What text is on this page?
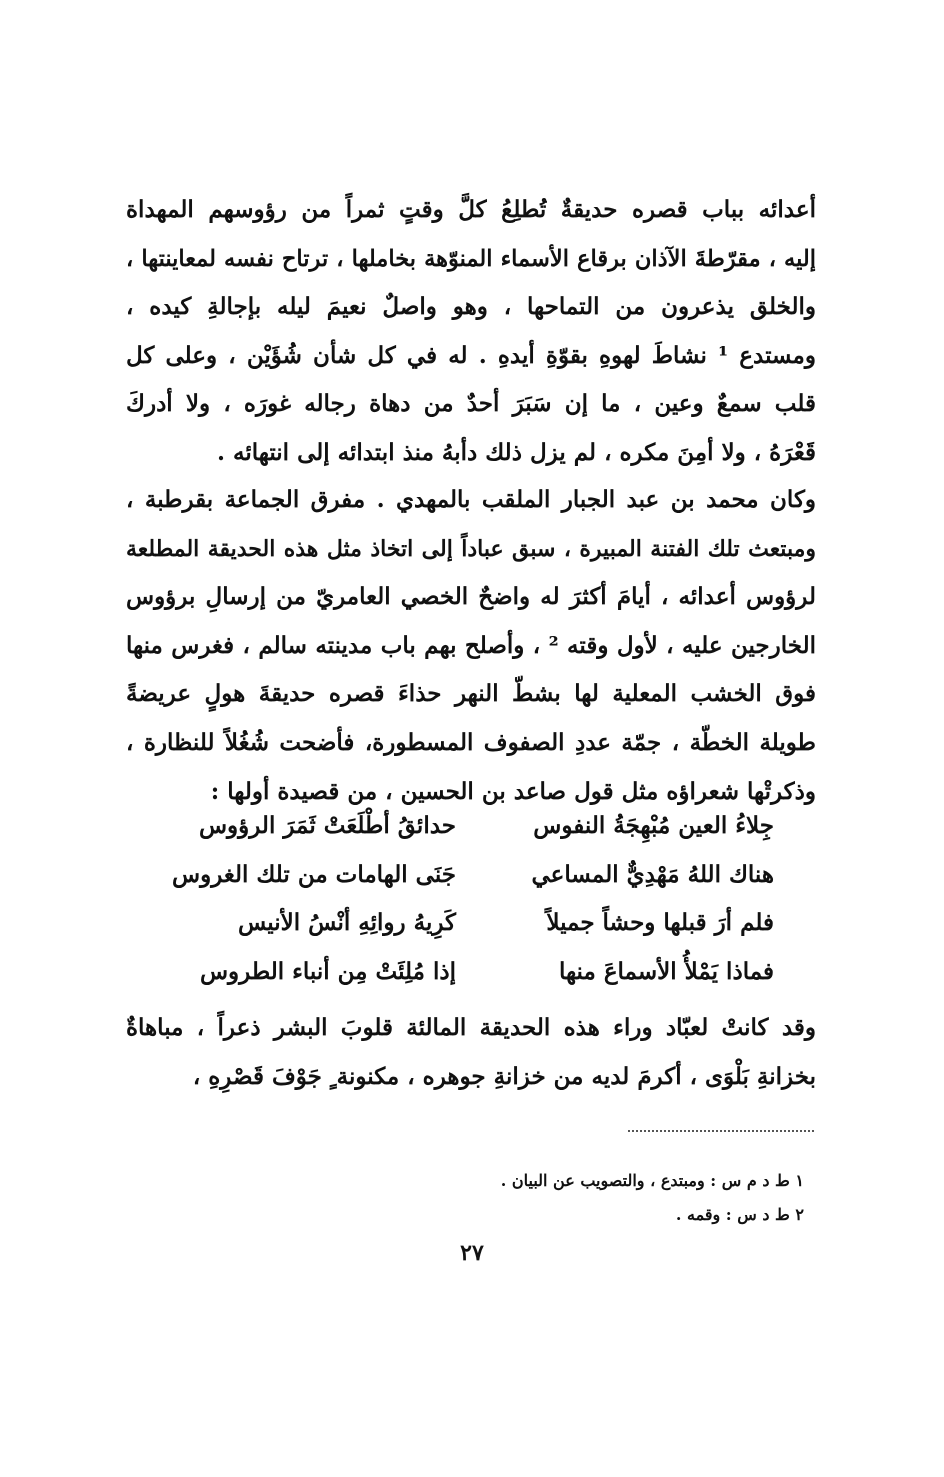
أعدائه بباب قصره حديقةٌ تُطلِعُ كلَّ وقتٍ ثمراً من رؤوسهم المهداة
إليه ، مقرّطةَ الآذان برقاع الأسماء المنوّهة بخاملها ، ترتاح نفسه لمعاينتها ،
والخلق يذعرون من التماحها ، وهو واصلٌ نعيمَ ليله بإجالةِ كيده ،
ومستدع ¹ نشاطَ لهوهِ بقوّةِ أيدهِ . له في كل شأن شُؤَيْن ، وعلى كل
قلب سمعٌ وعين ، ما إن سَبَرَ أحدٌ من دهاة رجاله غورَه ، ولا أدركَ
قَعْرَهُ ، ولا أمِنَ مكره ، لم يزل ذلك دأبهُ منذ ابتدائه إلى انتهائه .
وكان محمد بن عبد الجبار الملقب بالمهدي . مفرق الجماعة بقرطبة ،
ومبتعث تلك الفتنة المبيرة ، سبق عباداً إلى اتخاذ مثل هذه الحديقة المطلعة
لرؤوس أعدائه ، أيامَ أكثرَ له واضحٌ الخصي العامريّ من إرسالِ برؤوس
الخارجين عليه ، لأول وقته ² ، وأصلح بهم باب مدينته سالم ، فغرس منها
فوق الخشب المعلية لها بشطّ النهر حذاءَ قصره حديقةَ هولٍ عريضةً
طويلة الخطّة ، جمّة عددِ الصفوف المسطورة، فأضحت شُغُلاً للنظارة ،
وذكرتْها شعراؤه مثل قول صاعد بن الحسين ، من قصيدة أولها :
جِلاءُ العين مُبْهِجَةُ النفوس
حدائقُ أطْلَعَتْ ثَمَرَ الرؤوس
هناك اللهُ مَهْدِيٌّ المساعي
جَنَى الهامات من تلك الغروس
فلم أرَ قبلها وحشاً جميلاً
كَرِيهُ روائِهِ أنْسُ الأنيس
فماذا يَمْلأُ الأسماعَ منها
إذا مُلِئَتْ مِن أنباء الطروس
وقد كانتْ لعبّاد وراء هذه الحديقة المالئة قلوبَ البشر ذعراً ، مباهاةٌ
بخزانةِ بَلْوَى ، أكرمَ لديه من خزانةِ جوهره ، مكنونة ٍ جَوْفَ قَصْرِهِ ،
١ ط د م س : ومبتدع ، والتصويب عن البيان .
٢ ط د س : وقمه .
٢٧
